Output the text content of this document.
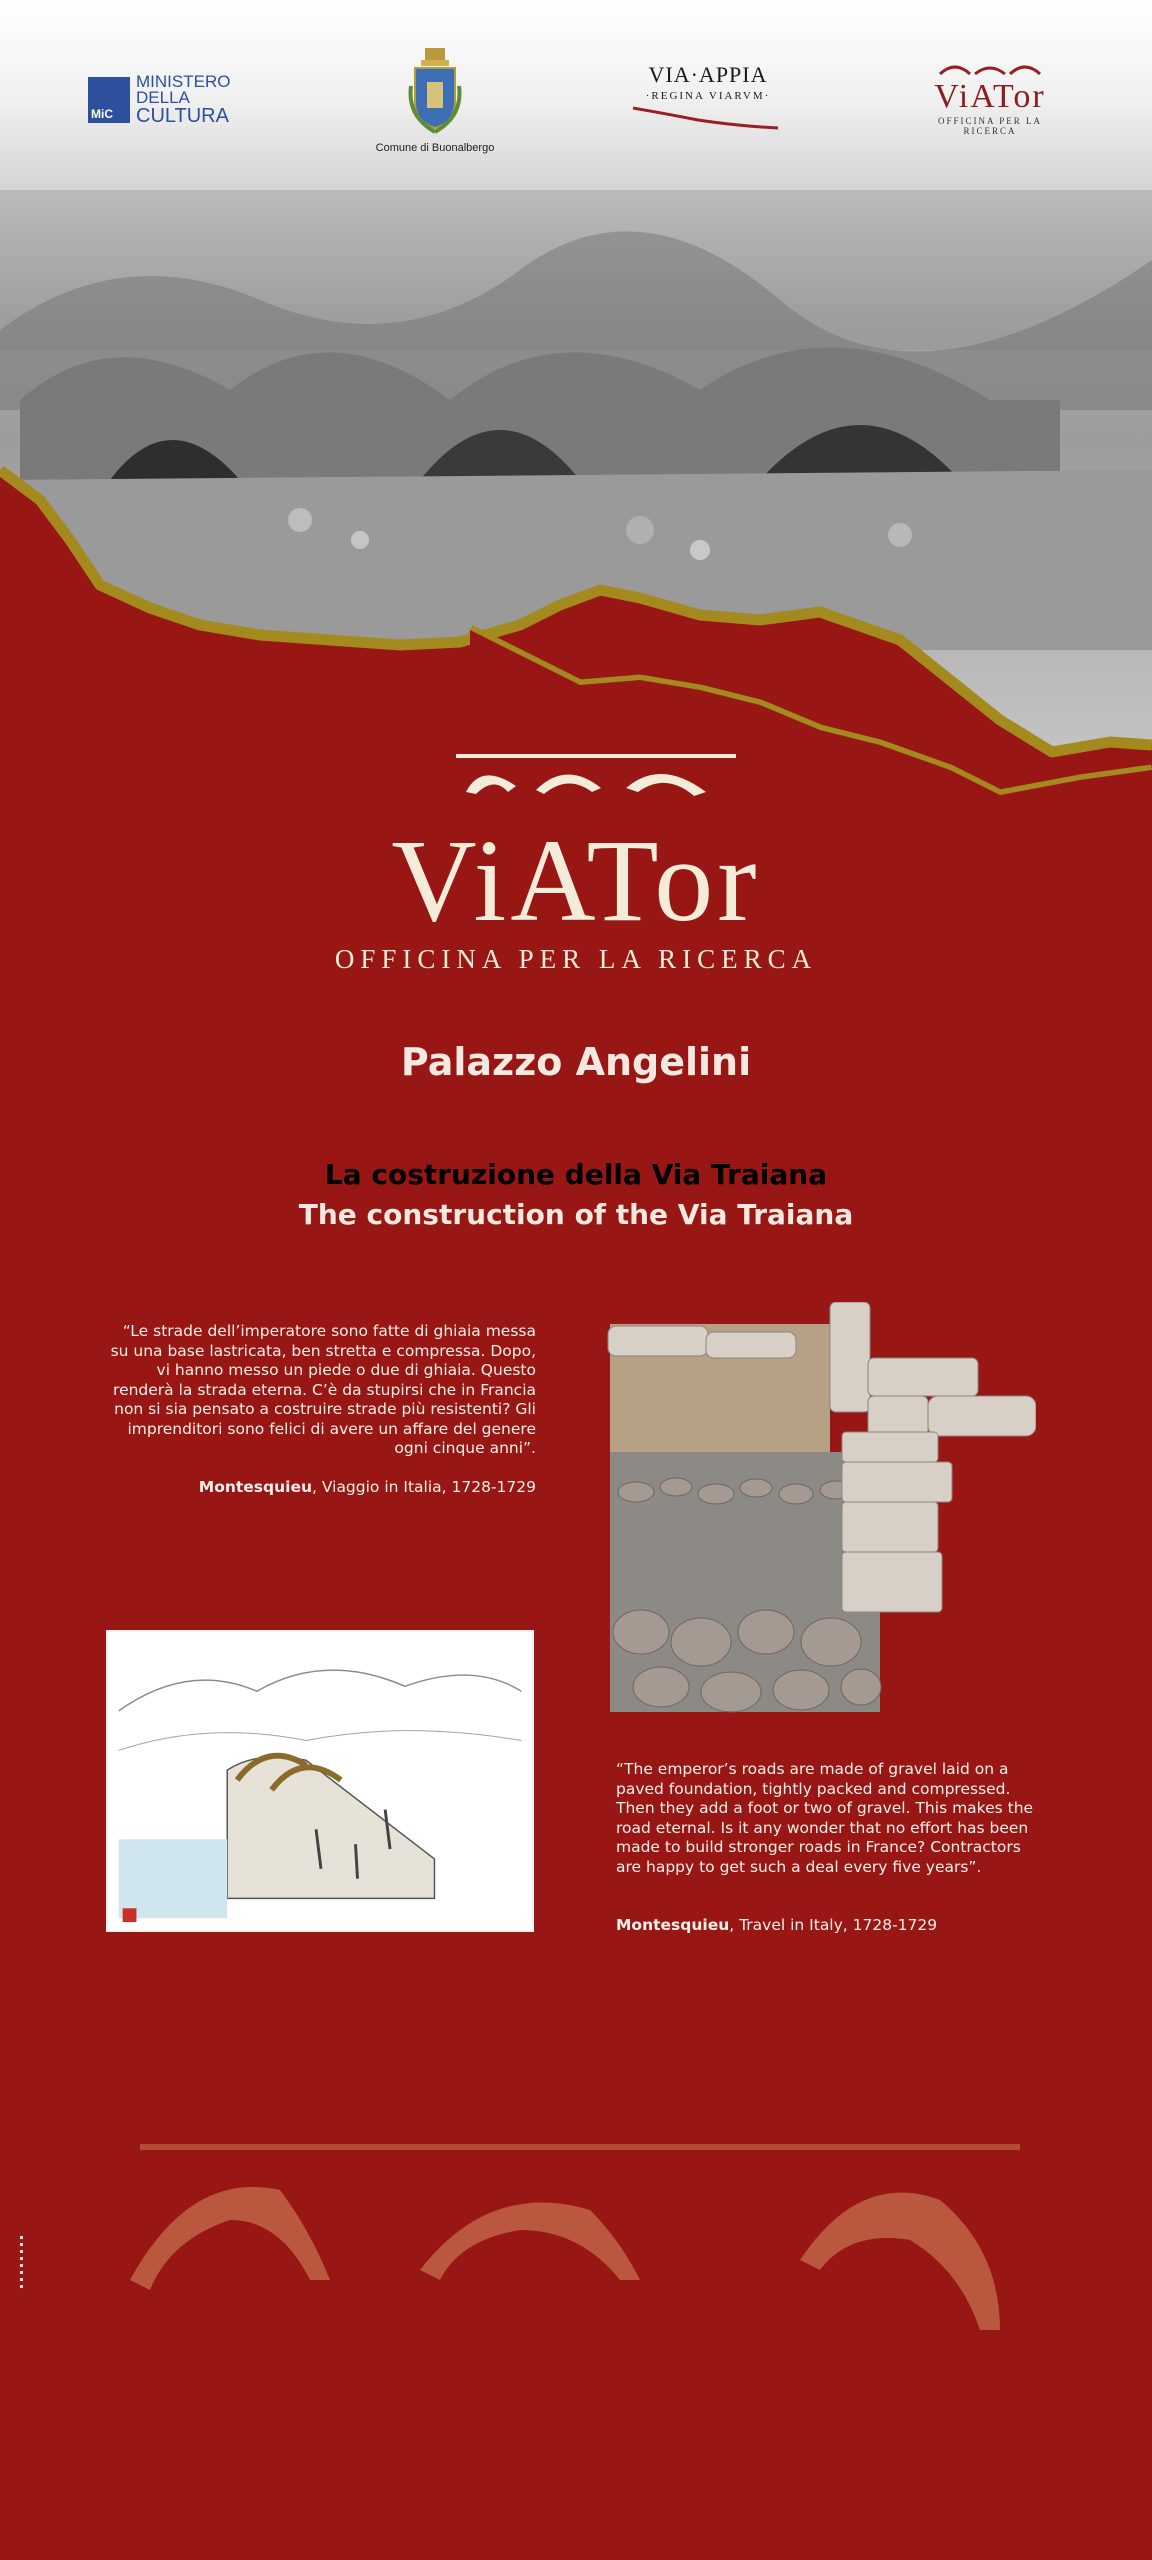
MiC
MINISTERO
DELLA
CULTURA
Comune di Buonalbergo
VIA·APPIA
·REGINA VIARVM·	ViATor
OFFICINA PER LA RICERCA
ViATor
OFFICINA PER LA RICERCA
Palazzo Angelini
La costruzione della Via Traiana
The construction of the Via Traiana
“Le strade dell’imperatore sono fatte di ghiaia messa su una base lastricata, ben stretta e compressa. Dopo, vi hanno messo un piede o due di ghiaia. Questo renderà la strada eterna. C’è da stupirsi che in Francia non si sia pensato a costruire strade più resistenti? Gli imprenditori sono felici di avere un affare del genere ogni cinque anni”.
Montesquieu, Viaggio in Italia, 1728-1729
“The emperor’s roads are made of gravel laid on a paved foundation, tightly packed and compressed. Then they add a foot or two of gravel. This makes the road eternal. Is it any wonder that no effort has been made to build stronger roads in France? Contractors are happy to get such a deal every five years”.
Montesquieu, Travel in Italy, 1728-1729
▪▪▪▪▪▪▪▪
